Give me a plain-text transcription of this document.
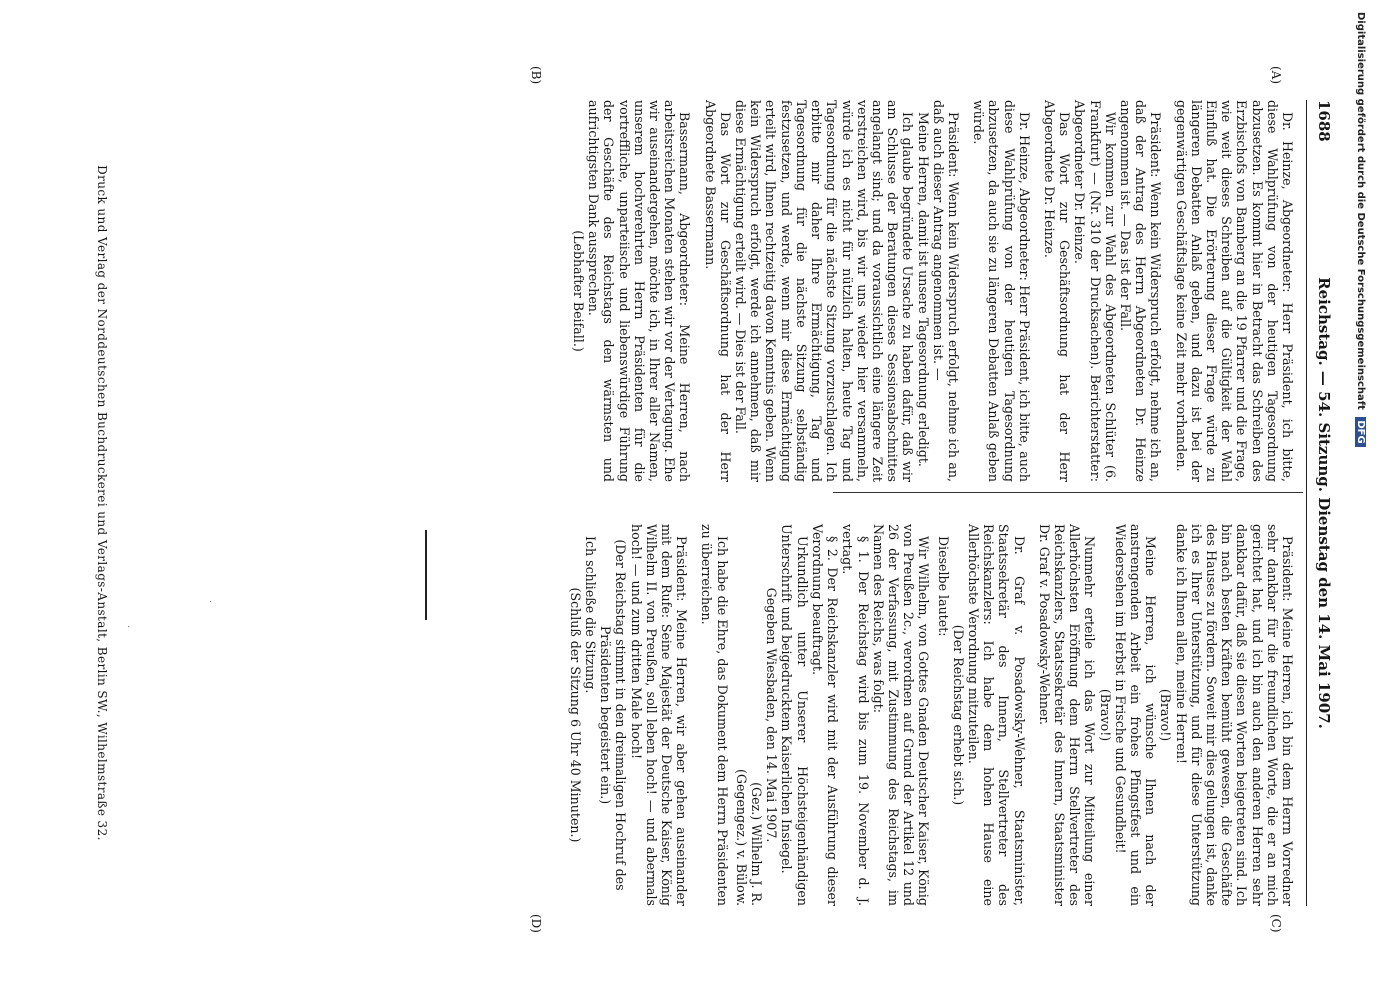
1688
Reichstag. — 54. Sitzung. Dienstag den 14. Mai 1907.
(A)
(B)
(C)
(D)

Dr. Heinze, Abgeordneter: Herr Präsident, ich bitte, diese Wahlprüfung von der heutigen Tagesordnung abzusetzen. Es kommt hier in Betracht das Schreiben des Erzbischofs von Bamberg an die 19 Pfarrer und die Frage, wie weit dieses Schreiben auf die Gültigkeit der Wahl Einfluß hat. Die Erörterung dieser Frage würde zu längeren Debatten Anlaß geben, und dazu ist bei der gegenwärtigen Geschäftslage keine Zeit mehr vorhanden.

Präsident: Wenn kein Widerspruch erfolgt, nehme ich an, daß der Antrag des Herrn Abgeordneten Dr. Heinze angenommen ist. — Das ist der Fall.

Wir kommen zur Wahl des Abgeordneten Schlüter (6. Frankfurt) — (Nr. 310 der Drucksachen). Berichterstatter: Abgeordneter Dr. Heinze.

Das Wort zur Geschäftsordnung hat der Herr Abgeordnete Dr. Heinze.

Dr. Heinze, Abgeordneter: Herr Präsident, ich bitte, auch diese Wahlprüfung von der heutigen Tagesordnung abzusetzen, da auch sie zu längeren Debatten Anlaß geben würde.

Präsident: Wenn kein Widerspruch erfolgt, nehme ich an, daß auch dieser Antrag angenommen ist. —

Meine Herren, damit ist unsere Tagesordnung erledigt.

Ich glaube begründete Ursache zu haben dafür, daß wir am Schlusse der Beratungen dieses Sessionsabschnittes angelangt sind; und da voraussichtlich eine längere Zeit verstreichen wird, bis wir uns wieder hier versammeln, würde ich es nicht für nützlich halten, heute Tag und Tagesordnung für die nächste Sitzung vorzuschlagen. Ich erbitte mir daher Ihre Ermächtigung, Tag und Tagesordnung für die nächste Sitzung selbständig festzusetzen, und werde, wenn mir diese Ermächtigung erteilt wird, Ihnen rechtzeitig davon Kenntnis geben. Wenn kein Widerspruch erfolgt, werde ich annehmen, daß mir diese Ermächtigung erteilt wird. — Dies ist der Fall.

Das Wort zur Geschäftsordnung hat der Herr Abgeordnete Bassermann.

Bassermann, Abgeordneter: Meine Herren, nach arbeitsreichen Monaten stehen wir vor der Vertagung. Ehe wir auseinandergehen, möchte ich, in Ihrer aller Namen, unserem hochverehrten Herrn Präsidenten für die vortreffliche, unparteiische und liebenswürdige Führung der Geschäfte des Reichstags den wärmsten und aufrichtigsten Dank aussprechen.

(Lebhafter Beifall.)

Präsident: Meine Herren, ich bin dem Herrn Vorredner sehr dankbar für die freundlichen Worte, die er an mich gerichtet hat, und ich bin auch den anderen Herren sehr dankbar dafür, daß sie diesen Worten beigetreten sind. Ich bin nach besten Kräften bemüht gewesen, die Geschäfte des Hauses zu fördern. Soweit mir dies gelungen ist, danke ich es Ihrer Unterstützung, und für diese Unterstützung danke ich Ihnen allen, meine Herren!

(Bravo!)

Meine Herren, ich wünsche Ihnen nach der anstrengenden Arbeit ein frohes Pfingstfest und ein Wiedersehen im Herbst in Frische und Gesundheit!

(Bravo!)

Nunmehr erteile ich das Wort zur Mitteilung einer Allerhöchsten Eröffnung dem Herrn Stellvertreter des Reichskanzlers, Staatssekretär des Innern, Staatsminister Dr. Graf v. Posadowsky-Wehner.

Dr. Graf v. Posadowsky-Wehner, Staatsminister, Staatssekretär des Innern, Stellvertreter des Reichskanzlers: Ich habe dem hohen Hause eine Allerhöchste Verordnung mitzuteilen.

(Der Reichstag erhebt sich.)

Dieselbe lautet:

Wir Wilhelm, von Gottes Gnaden Deutscher Kaiser, König von Preußen 2c., verordnen auf Grund der Artikel 12 und 26 der Verfassung, mit Zustimmung des Reichstags, im Namen des Reichs, was folgt:

§ 1. Der Reichstag wird bis zum 19. November d. J. vertagt.

§ 2. Der Reichskanzler wird mit der Ausführung dieser Verordnung beauftragt.

Urkundlich unter Unserer Höchsteigenhändigen Unterschrift und beigedrucktem Kaiserlichen Insiegel.

Gegeben Wiesbaden, den 14. Mai 1907.

(Gez.) Wilhelm J. R.

(Gegengez.) v. Bülow.

Ich habe die Ehre, das Dokument dem Herrn Präsidenten zu überreichen.

Präsident: Meine Herren, wir aber gehen auseinander mit dem Rufe: Seine Majestät der Deutsche Kaiser, König Wilhelm II. von Preußen, soll leben hoch! — und abermals hoch! — und zum dritten Male hoch!

(Der Reichstag stimmt in den dreimaligen Hochruf des Präsidenten begeistert ein.)

Ich schließe die Sitzung.

(Schluß der Sitzung 6 Uhr 40 Minuten.)

·
·
Druck und Verlag der Norddeutschen Buchdruckerei und Verlags-Anstalt, Berlin SW., Wilhelmstraße 32.	Digitalisierung gefördert durch die Deutsche Forschungsgemeinschaft DFG
